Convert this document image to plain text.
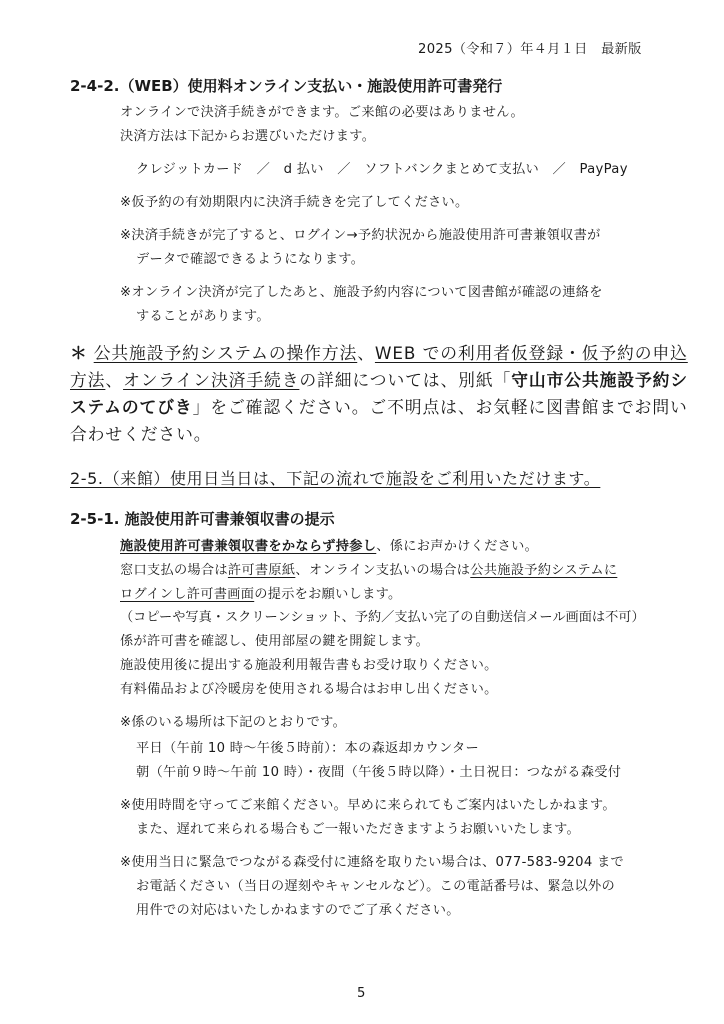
2025（令和７）年４月１日　最新版
2-4-2.（WEB）使用料オンライン支払い・施設使用許可書発行
オンラインで決済手続きができます。ご来館の必要はありません。
決済方法は下記からお選びいただけます。
クレジットカード　／　d 払い　／　ソフトバンクまとめて支払い　／　PayPay
※仮予約の有効期限内に決済手続きを完了してください。
※決済手続きが完了すると、ログイン→予約状況から施設使用許可書兼領収書が
データで確認できるようになります。
※オンライン決済が完了したあと、施設予約内容について図書館が確認の連絡を
することがあります。
＊ 公共施設予約システムの操作方法、WEB での利用者仮登録・仮予約の申込
方法、オンライン決済手続きの詳細については、別紙「守山市公共施設予約シ
ステムのてびき」をご確認ください。ご不明点は、お気軽に図書館までお問い
合わせください。
2-5.（来館）使用日当日は、下記の流れで施設をご利用いただけます。
2-5-1. 施設使用許可書兼領収書の提示
施設使用許可書兼領収書をかならず持参し、係にお声かけください。
窓口支払の場合は許可書原紙、オンライン支払いの場合は公共施設予約システムに
ログインし許可書画面の提示をお願いします。
（コピーや写真・スクリーンショット、予約／支払い完了の自動送信メール画面は不可）
係が許可書を確認し、使用部屋の鍵を開錠します。
施設使用後に提出する施設利用報告書もお受け取りください。
有料備品および冷暖房を使用される場合はお申し出ください。
※係のいる場所は下記のとおりです。
平日（午前 10 時〜午後５時前）：本の森返却カウンター
朝（午前９時〜午前 10 時）・夜間（午後５時以降）・土日祝日：つながる森受付
※使用時間を守ってご来館ください。早めに来られてもご案内はいたしかねます。
また、遅れて来られる場合もご一報いただきますようお願いいたします。
※使用当日に緊急でつながる森受付に連絡を取りたい場合は、077-583-9204 まで
お電話ください（当日の遅刻やキャンセルなど）。この電話番号は、緊急以外の
用件での対応はいたしかねますのでご了承ください。
5
